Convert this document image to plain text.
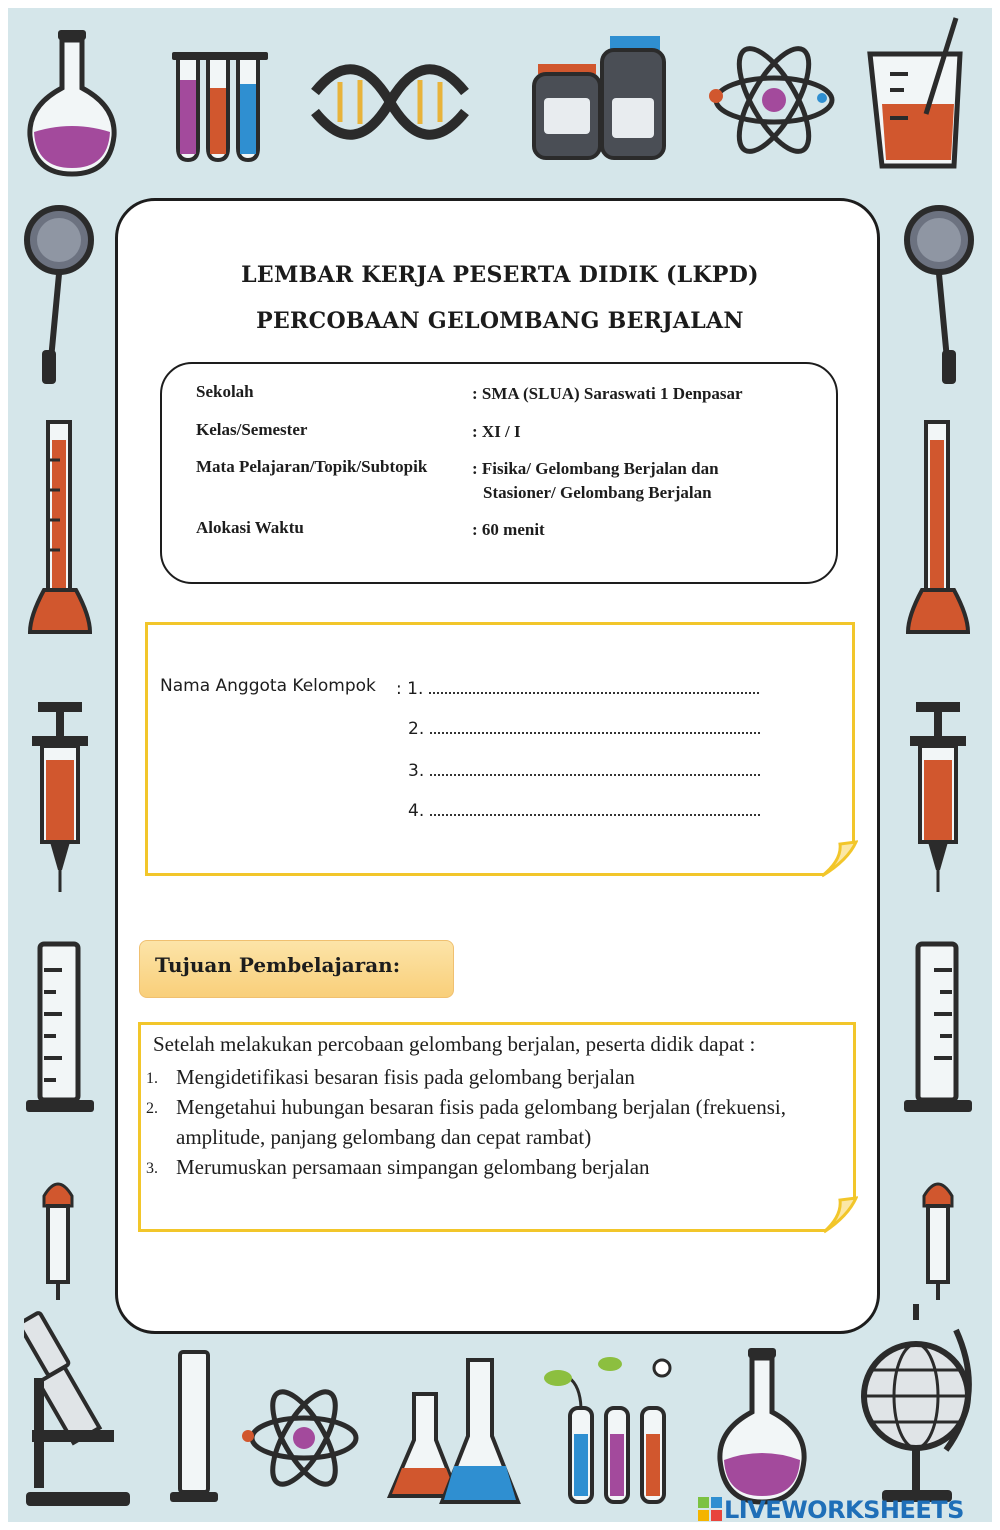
LEMBAR KERJA PESERTA DIDIK (LKPD)
PERCOBAAN GELOMBANG BERJALAN
Sekolah	: SMA (SLUA) Saraswati 1 Denpasar
Kelas/Semester	: XI / I
Mata Pelajaran/Topik/Subtopik	: Fisika/ Gelombang Berjalan dan Stasioner/ Gelombang Berjalan
Alokasi Waktu	: 60 menit
Nama Anggota Kelompok : 1.
2.
3.
4.
Tujuan Pembelajaran:
Setelah melakukan percobaan gelombang berjalan, peserta didik dapat :
1. Mengidetifikasi besaran fisis pada gelombang berjalan
2. Mengetahui hubungan besaran fisis pada gelombang berjalan (frekuensi, amplitude, panjang gelombang dan cepat rambat)
3. Merumuskan persamaan simpangan gelombang berjalan
LIVEWORKSHEETS
